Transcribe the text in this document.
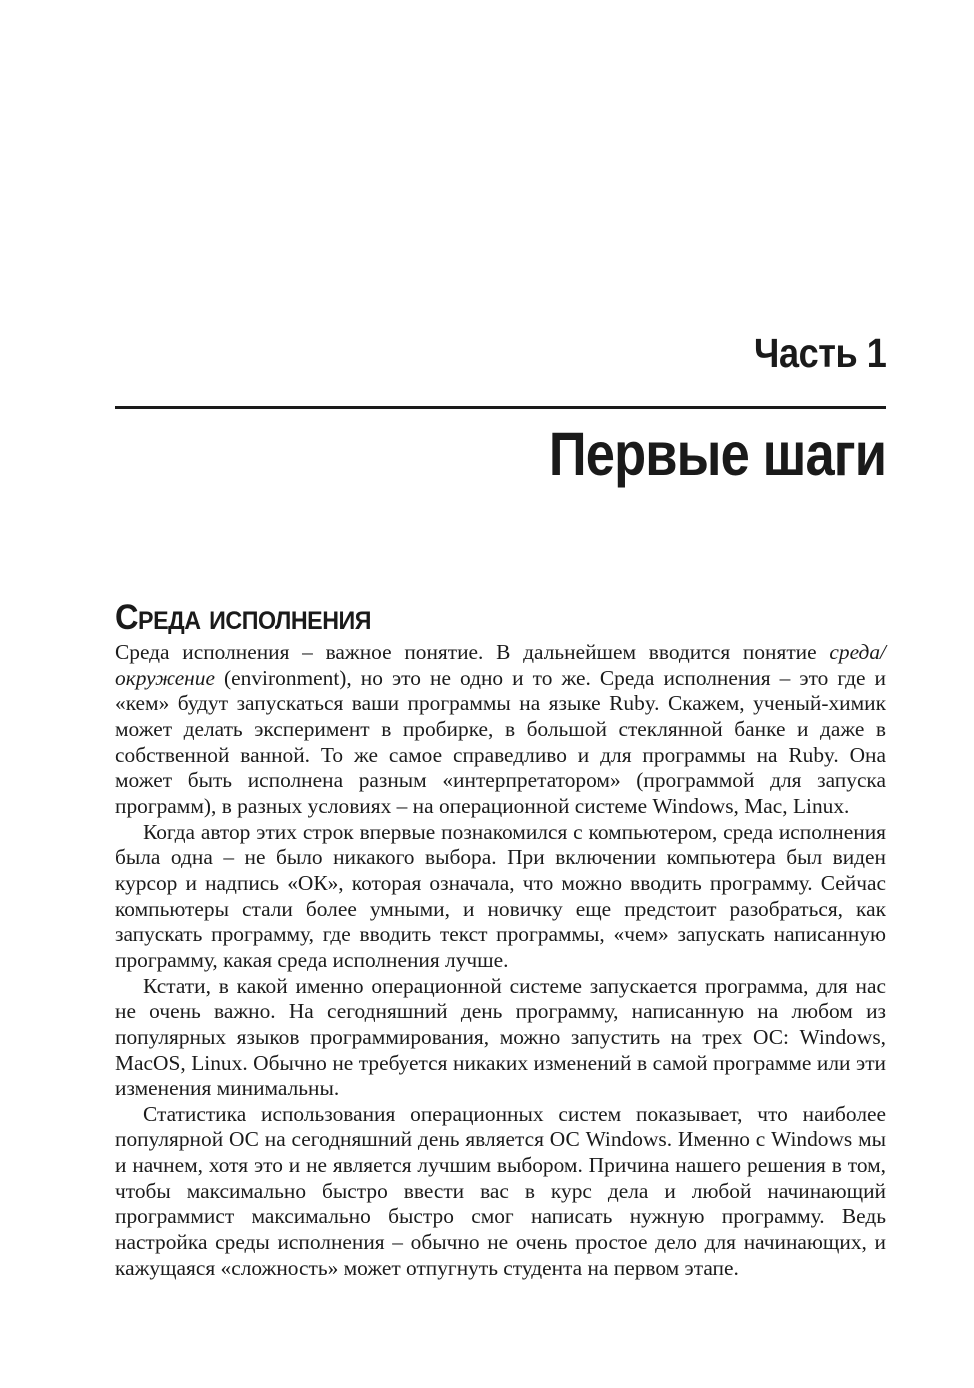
Часть 1
Первые шаги
Среда исполнения

Среда исполнения – важное понятие. В дальнейшем вводится понятие среда/окружение (environment), но это не одно и то же. Среда исполнения – это где и «кем» будут запускаться ваши программы на языке Ruby. Скажем, ученый-химик может делать эксперимент в пробирке, в большой стеклянной банке и даже в собственной ванной. То же самое справедливо и для программы на Ruby. Она может быть исполнена разным «интерпретатором» (программой для запуска программ), в разных условиях – на операционной системе Windows, Mac, Linux.

Когда автор этих строк впервые познакомился с компьютером, среда исполнения была одна – не было никакого выбора. При включении компьютера был виден курсор и надпись «ОК», которая означала, что можно вводить программу. Сейчас компьютеры стали более умными, и новичку еще предстоит разобраться, как запускать программу, где вводить текст программы, «чем» запускать написанную программу, какая среда исполнения лучше.

Кстати, в какой именно операционной системе запускается программа, для нас не очень важно. На сегодняшний день программу, написанную на любом из популярных языков программирования, можно запустить на трех ОС: Windows, MacOS, Linux. Обычно не требуется никаких изменений в самой программе или эти изменения минимальны.

Статистика использования операционных систем показывает, что наиболее популярной ОС на сегодняшний день является ОС Windows. Именно с Windows мы и начнем, хотя это и не является лучшим выбором. Причина нашего решения в том, чтобы максимально быстро ввести вас в курс дела и любой начинающий программист максимально быстро смог написать нужную программу. Ведь настройка среды исполнения – обычно не очень простое дело для начинающих, и кажущаяся «сложность» может отпугнуть студента на первом этапе.
